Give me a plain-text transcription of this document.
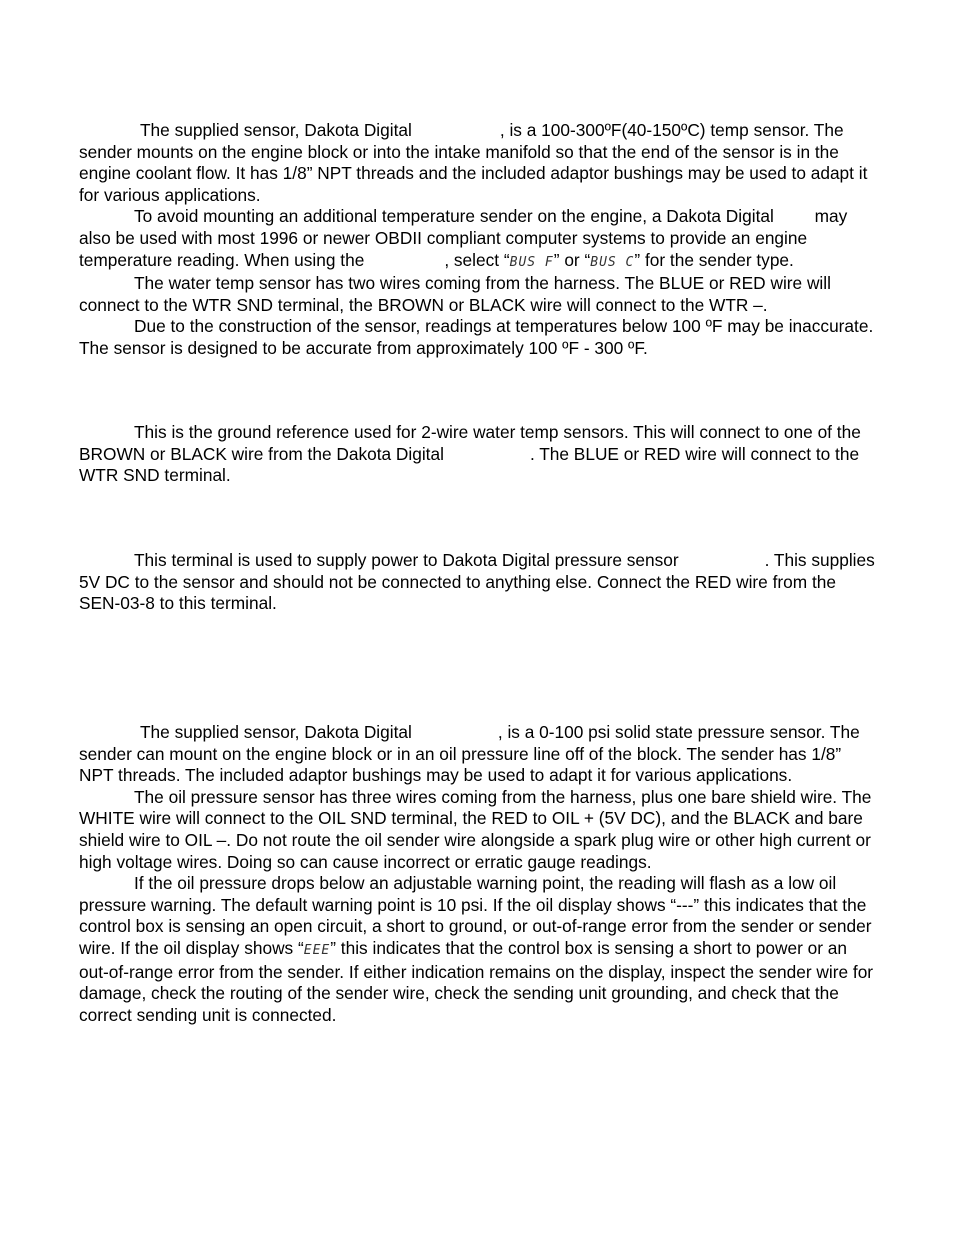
The supplied sensor, Dakota Digital	, is a 100-300ºF(40-150ºC) temp sensor. The sender mounts on the engine block or into the intake manifold so that the end of the sensor is in the engine coolant flow. It has 1/8” NPT threads and the included adaptor bushings may be used to adapt it for various applications.

To avoid mounting an additional temperature sender on the engine, a Dakota Digital may also be used with most 1996 or newer OBDII compliant computer systems to provide an engine temperature reading. When using the	, select “BUS F” or “BUS C” for the sender type.

The water temp sensor has two wires coming from the harness. The BLUE or RED wire will connect to the WTR SND terminal, the BROWN or BLACK wire will connect to the WTR –.

Due to the construction of the sensor, readings at temperatures below 100 ºF may be inaccurate. The sensor is designed to be accurate from approximately 100 ºF - 300 ºF.

This is the ground reference used for 2-wire water temp sensors. This will connect to one of the BROWN or BLACK wire from the Dakota Digital	. The BLUE or RED wire will connect to the WTR SND terminal.

This terminal is used to supply power to Dakota Digital pressure sensor	. This supplies 5V DC to the sensor and should not be connected to anything else. Connect the RED wire from the SEN-03-8 to this terminal.

The supplied sensor, Dakota Digital	, is a 0-100 psi solid state pressure sensor. The sender can mount on the engine block or in an oil pressure line off of the block. The sender has 1/8” NPT threads. The included adaptor bushings may be used to adapt it for various applications.

The oil pressure sensor has three wires coming from the harness, plus one bare shield wire. The WHITE wire will connect to the OIL SND terminal, the RED to OIL + (5V DC), and the BLACK and bare shield wire to OIL –. Do not route the oil sender wire alongside a spark plug wire or other high current or high voltage wires. Doing so can cause incorrect or erratic gauge readings.

If the oil pressure drops below an adjustable warning point, the reading will flash as a low oil pressure warning. The default warning point is 10 psi. If the oil display shows “---” this indicates that the control box is sensing an open circuit, a short to ground, or out-of-range error from the sender or sender wire. If the oil display shows “EEE” this indicates that the control box is sensing a short to power or an out-of-range error from the sender. If either indication remains on the display, inspect the sender wire for damage, check the routing of the sender wire, check the sending unit grounding, and check that the correct sending unit is connected.
